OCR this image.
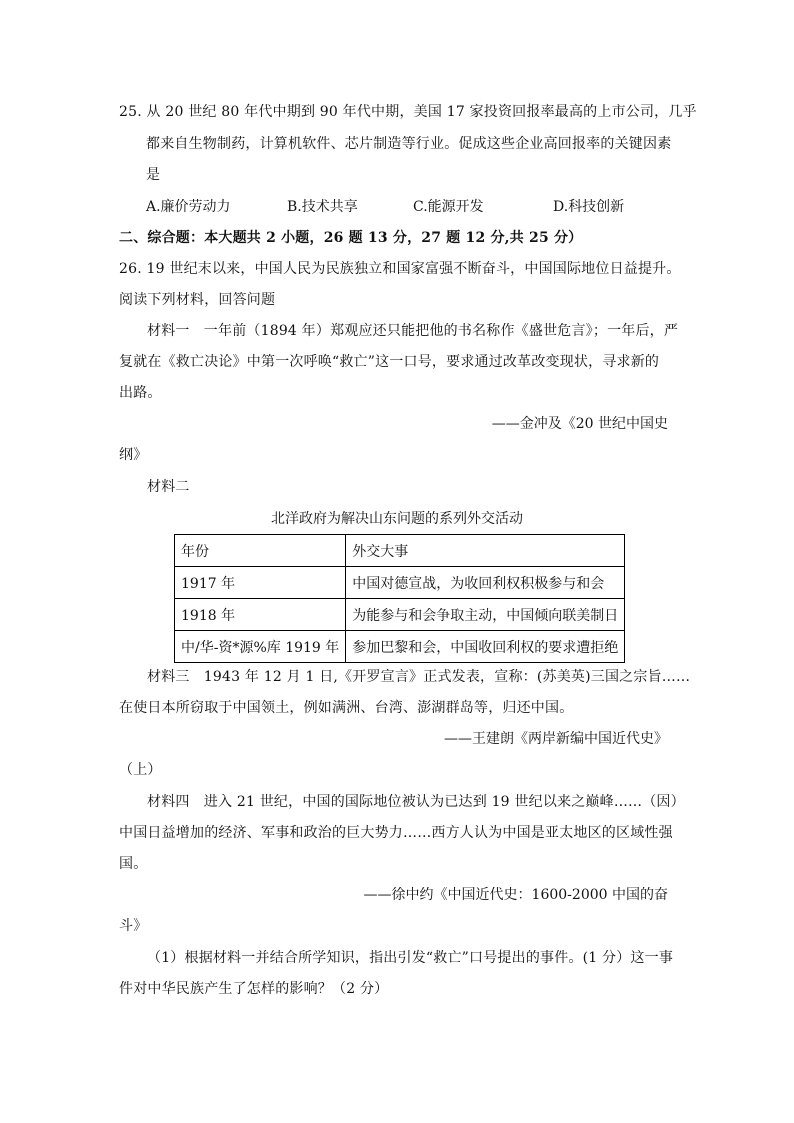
25. 从 20 世纪 80 年代中期到 90 年代中期，美国 17 家投资回报率最高的上市公司，几乎
都来自生物制药，计算机软件、芯片制造等行业。促成这些企业高回报率的关键因素
是
A.廉价劳动力	B.技术共享	C.能源开发	D.科技创新
二、综合题：本大题共 2 小题，26 题 13 分，27 题 12 分,共 25 分）
26. 19 世纪末以来，中国人民为民族独立和国家富强不断奋斗，中国国际地位日益提升。
阅读下列材料，回答问题
材料一　一年前（1894 年）郑观应还只能把他的书名称作《盛世危言》；一年后，严
复就在《救亡决论》中第一次呼唤“救亡”这一口号，要求通过改革改变现状，寻求新的
出路。
——金冲及《20 世纪中国史
纲》
材料二
北洋政府为解决山东问题的系列外交活动
年份	外交大事
1917 年	中国对德宣战，为收回利权积极参与和会
1918 年	为能参与和会争取主动，中国倾向联美制日
中/华-资*源%库 1919 年	参加巴黎和会，中国收回利权的要求遭拒绝
材料三　1943 年 12 月 1 日,《开罗宣言》正式发表，宣称：(苏美英)三国之宗旨……
在使日本所窃取于中国领土，例如满洲、台湾、澎湖群岛等，归还中国。
——王建朗《两岸新编中国近代史》
（上）
材料四　进入 21 世纪，中国的国际地位被认为已达到 19 世纪以来之巅峰……（因）
中国日益增加的经济、军事和政治的巨大势力……西方人认为中国是亚太地区的区域性强
国。
——徐中约《中国近代史：1600-2000 中国的奋
斗》
（1）根据材料一并结合所学知识，指出引发“救亡”口号提出的事件。(1 分）这一事
件对中华民族产生了怎样的影响？（2 分）
